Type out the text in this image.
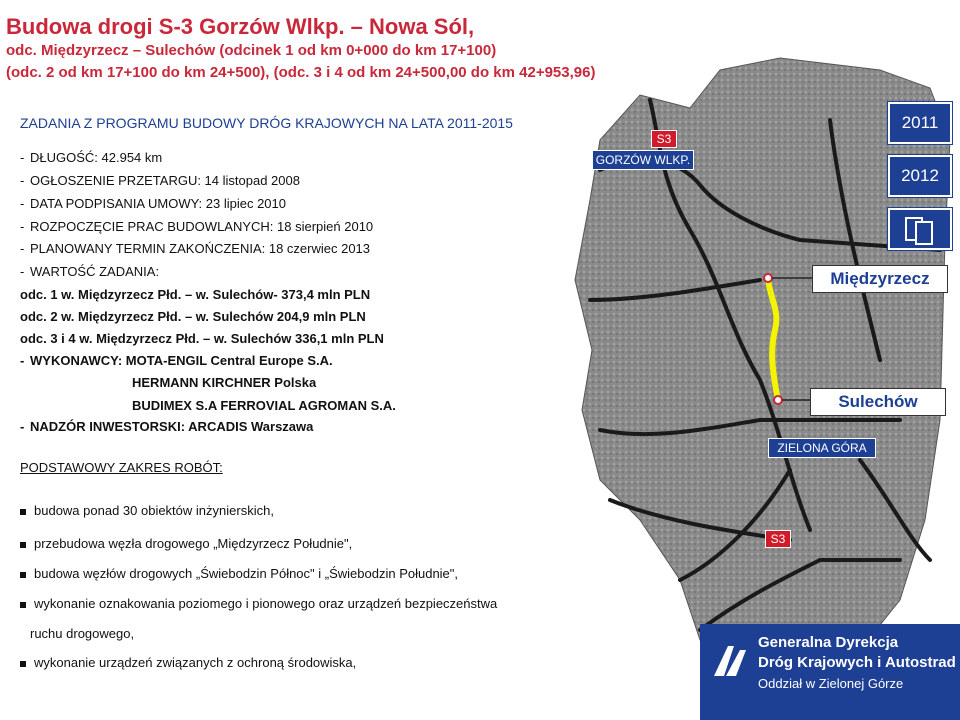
Budowa drogi S-3 Gorzów Wlkp. – Nowa Sól,
odc. Międzyrzecz – Sulechów (odcinek 1 od km 0+000 do km 17+100)
(odc. 2 od km 17+100 do km 24+500), (odc. 3 i 4 od km 24+500,00 do km 42+953,96)
ZADANIA Z PROGRAMU BUDOWY DRÓG KRAJOWYCH NA LATA 2011-2015
- DŁUGOŚĆ: 42.954 km
- OGŁOSZENIE PRZETARGU: 14 listopad 2008
- DATA PODPISANIA UMOWY: 23 lipiec 2010
- ROZPOCZĘCIE PRAC BUDOWLANYCH: 18 sierpień 2010
- PLANOWANY TERMIN ZAKOŃCZENIA: 18 czerwiec 2013
- WARTOŚĆ ZADANIA:
odc. 1 w. Międzyrzecz Płd. – w. Sulechów- 373,4 mln PLN
odc. 2 w. Międzyrzecz Płd. – w. Sulechów 204,9 mln PLN
odc. 3 i 4 w. Międzyrzecz Płd. – w. Sulechów 336,1 mln PLN
- WYKONAWCY: MOTA-ENGIL Central Europe S.A.
HERMANN KIRCHNER Polska
BUDIMEX S.A FERROVIAL AGROMAN S.A.
- NADZÓR INWESTORSKI: ARCADIS Warszawa
PODSTAWOWY ZAKRES ROBÓT:
budowa ponad 30 obiektów inżynierskich,
przebudowa węzła drogowego „Międzyrzecz Południe",
budowa węzłów drogowych „Świebodzin Północ" i „Świebodzin Południe",
wykonanie oznakowania poziomego i pionowego oraz urządzeń bezpieczeństwa
ruchu drogowego,
wykonanie urządzeń związanych z ochroną środowiska,
2011
2012
S3
GORZÓW WLKP.
Międzyrzecz
Sulechów
ZIELONA GÓRA
S3
Generalna Dyrekcja
Dróg Krajowych i Autostrad
Oddział w Zielonej Górze
